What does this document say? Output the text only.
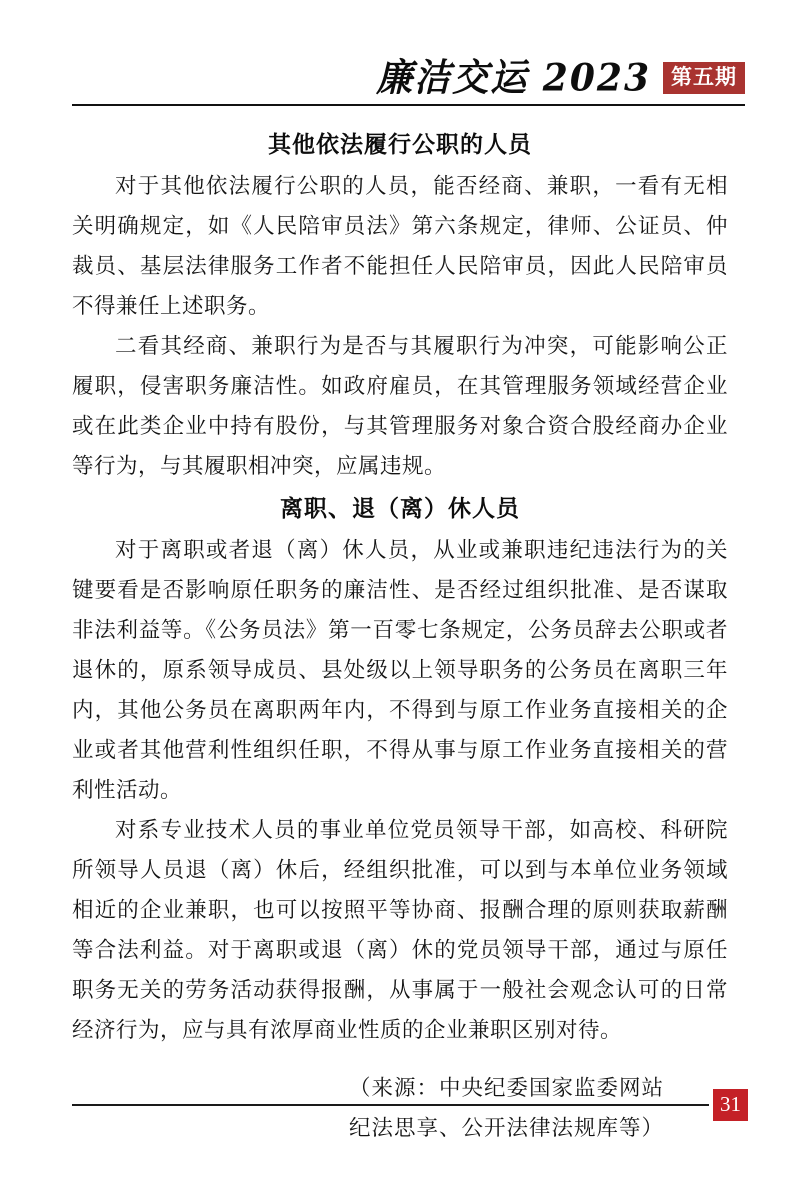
廉洁交运 2023 第五期
其他依法履行公职的人员

对于其他依法履行公职的人员，能否经商、兼职，一看有无相关明确规定，如《人民陪审员法》第六条规定，律师、公证员、仲裁员、基层法律服务工作者不能担任人民陪审员，因此人民陪审员不得兼任上述职务。

二看其经商、兼职行为是否与其履职行为冲突，可能影响公正履职，侵害职务廉洁性。如政府雇员，在其管理服务领域经营企业或在此类企业中持有股份，与其管理服务对象合资合股经商办企业等行为，与其履职相冲突，应属违规。

离职、退（离）休人员

对于离职或者退（离）休人员，从业或兼职违纪违法行为的关键要看是否影响原任职务的廉洁性、是否经过组织批准、是否谋取非法利益等。《公务员法》第一百零七条规定，公务员辞去公职或者退休的，原系领导成员、县处级以上领导职务的公务员在离职三年内，其他公务员在离职两年内，不得到与原工作业务直接相关的企业或者其他营利性组织任职，不得从事与原工作业务直接相关的营利性活动。

对系专业技术人员的事业单位党员领导干部，如高校、科研院所领导人员退（离）休后，经组织批准，可以到与本单位业务领域相近的企业兼职，也可以按照平等协商、报酬合理的原则获取薪酬等合法利益。对于离职或退（离）休的党员领导干部，通过与原任职务无关的劳务活动获得报酬，从事属于一般社会观念认可的日常经济行为，应与具有浓厚商业性质的企业兼职区别对待。

（来源：中央纪委国家监委网站
纪法思享、公开法律法规库等）
31
